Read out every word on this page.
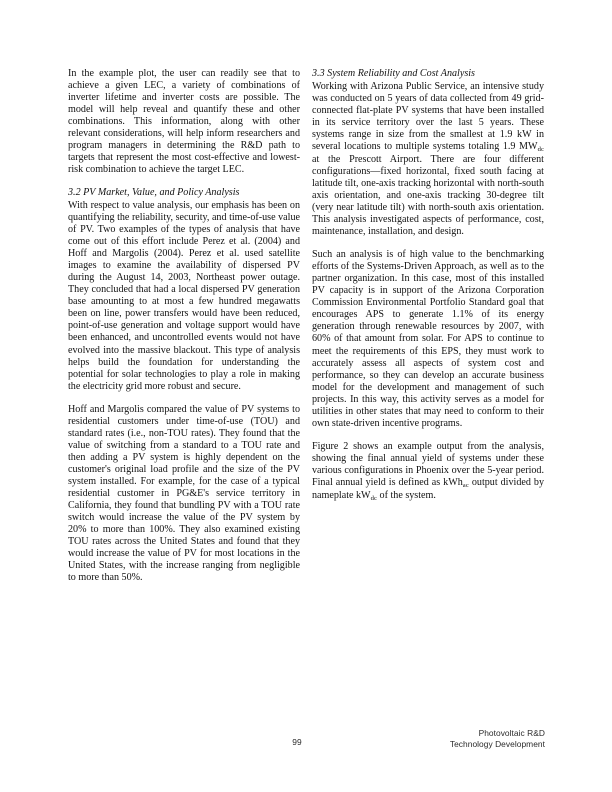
In the example plot, the user can readily see that to achieve a given LEC, a variety of combinations of inverter lifetime and inverter costs are possible. The model will help reveal and quantify these and other combinations. This information, along with other relevant considerations, will help inform researchers and program managers in determining the R&D path to targets that represent the most cost-effective and lowest-risk combination to achieve the target LEC.

3.2 PV Market, Value, and Policy Analysis

With respect to value analysis, our emphasis has been on quantifying the reliability, security, and time-of-use value of PV. Two examples of the types of analysis that have come out of this effort include Perez et al. (2004) and Hoff and Margolis (2004). Perez et al. used satellite images to examine the availability of dispersed PV during the August 14, 2003, Northeast power outage. They concluded that had a local dispersed PV generation base amounting to at most a few hundred megawatts been on line, power transfers would have been reduced, point-of-use generation and voltage support would have been enhanced, and uncontrolled events would not have evolved into the massive blackout. This type of analysis helps build the foundation for understanding the potential for solar technologies to play a role in making the electricity grid more robust and secure.

Hoff and Margolis compared the value of PV systems to residential customers under time-of-use (TOU) and standard rates (i.e., non-TOU rates). They found that the value of switching from a standard to a TOU rate and then adding a PV system is highly dependent on the customer's original load profile and the size of the PV system installed. For example, for the case of a typical residential customer in PG&E's service territory in California, they found that bundling PV with a TOU rate switch would increase the value of the PV system by 20% to more than 100%. They also examined existing TOU rates across the United States and found that they would increase the value of PV for most locations in the United States, with the increase ranging from negligible to more than 50%.

3.3 System Reliability and Cost Analysis

Working with Arizona Public Service, an intensive study was conducted on 5 years of data collected from 49 grid-connected flat-plate PV systems that have been installed in its service territory over the last 5 years. These systems range in size from the smallest at 1.9 kW in several locations to multiple systems totaling 1.9 $MW_{dc}$ at the Prescott Airport. There are four different configurations—fixed horizontal, fixed south facing at latitude tilt, one-axis tracking horizontal with north-south axis orientation, and one-axis tracking 30-degree tilt (very near latitude tilt) with north-south axis orientation. This analysis investigated aspects of performance, cost, maintenance, installation, and design.

Such an analysis is of high value to the benchmarking efforts of the Systems-Driven Approach, as well as to the partner organization. In this case, most of this installed PV capacity is in support of the Arizona Corporation Commission Environmental Portfolio Standard goal that encourages APS to generate 1.1% of its energy generation through renewable resources by 2007, with 60% of that amount from solar. For APS to continue to meet the requirements of this EPS, they must work to accurately assess all aspects of system cost and performance, so they can develop an accurate business model for the development and management of such projects. In this way, this activity serves as a model for utilities in other states that may need to conform to their own state-driven incentive programs.

Figure 2 shows an example output from the analysis, showing the final annual yield of systems under these various configurations in Phoenix over the 5-year period. Final annual yield is defined as kWh$_{ac}$ output divided by nameplate $kW_{dc}$ of the system.

99
Photovoltaic R&D
Technology Development
